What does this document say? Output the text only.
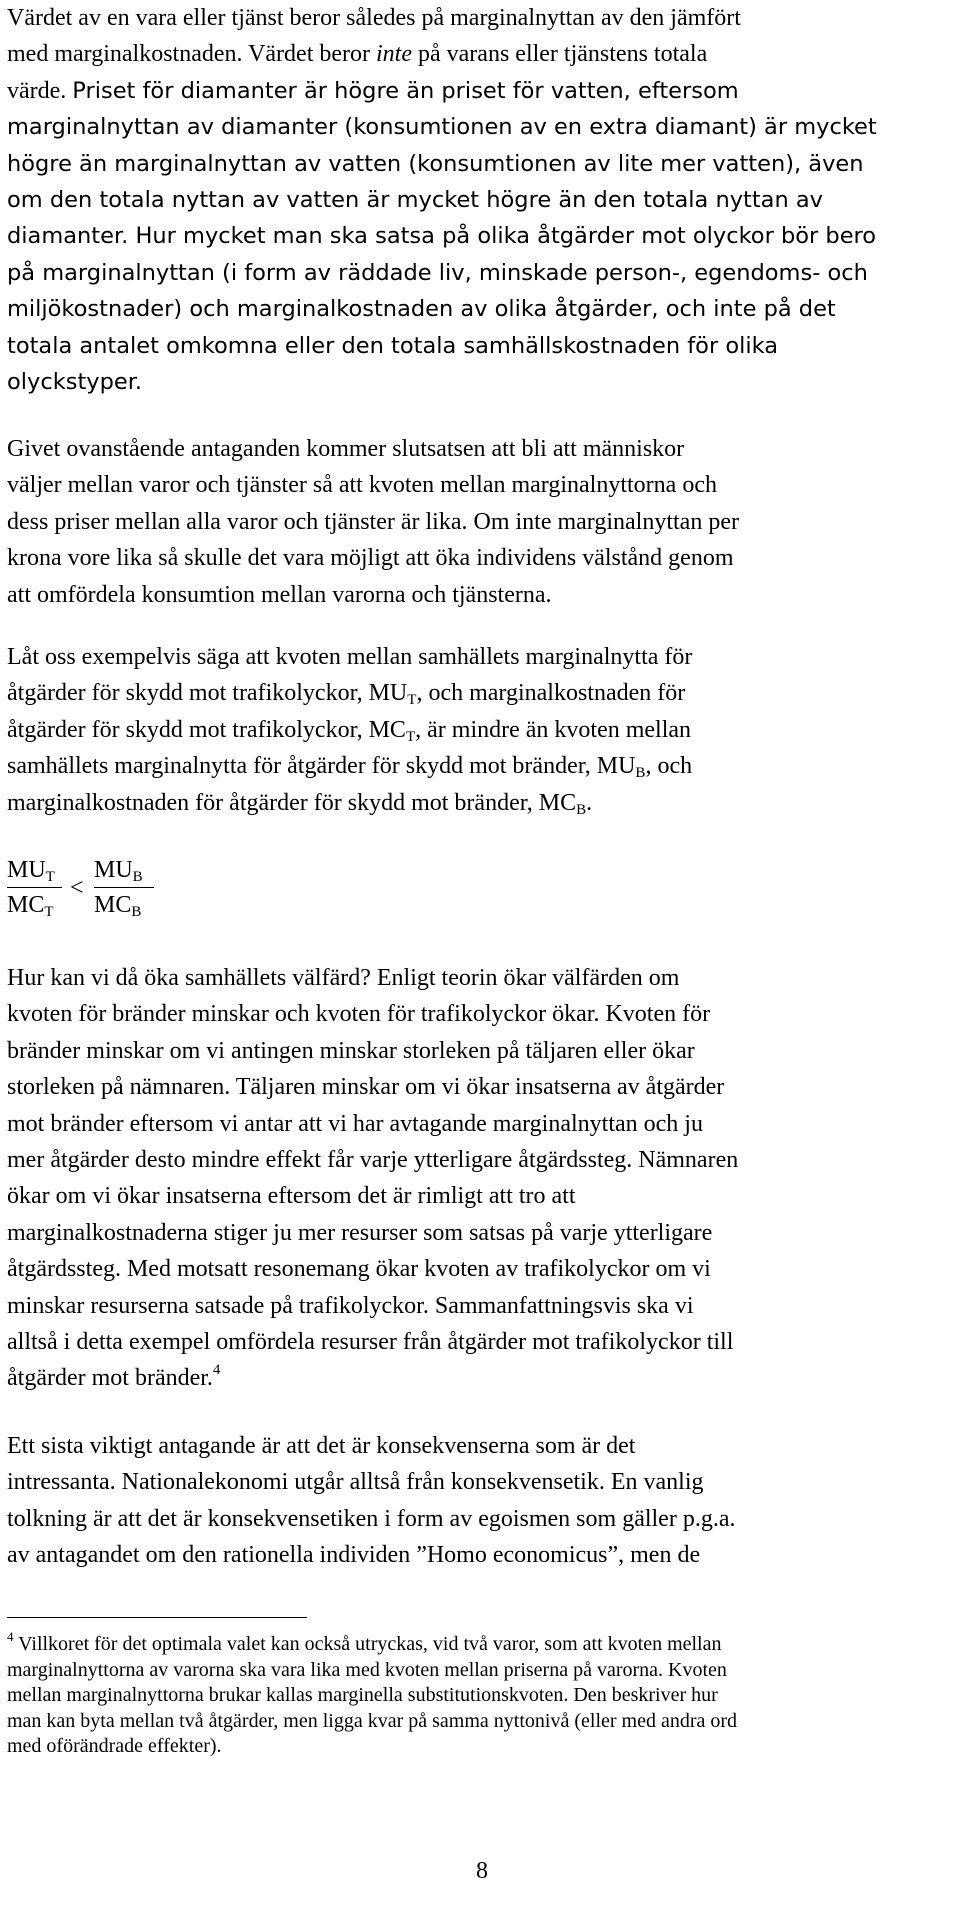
Värdet av en vara eller tjänst beror således på marginalnyttan av den jämfört
med marginalkostnaden. Värdet beror inte på varans eller tjänstens totala
värde. Priset för diamanter är högre än priset för vatten, eftersom
marginalnyttan av diamanter (konsumtionen av en extra diamant) är mycket
högre än marginalnyttan av vatten (konsumtionen av lite mer vatten), även
om den totala nyttan av vatten är mycket högre än den totala nyttan av
diamanter. Hur mycket man ska satsa på olika åtgärder mot olyckor bör bero
på marginalnyttan (i form av räddade liv, minskade person-, egendoms- och
miljökostnader) och marginalkostnaden av olika åtgärder, och inte på det
totala antalet omkomna eller den totala samhällskostnaden för olika
olyckstyper.
Givet ovanstående antaganden kommer slutsatsen att bli att människor
väljer mellan varor och tjänster så att kvoten mellan marginalnyttorna och
dess priser mellan alla varor och tjänster är lika. Om inte marginalnyttan per
krona vore lika så skulle det vara möjligt att öka individens välstånd genom
att omfördela konsumtion mellan varorna och tjänsterna.
Låt oss exempelvis säga att kvoten mellan samhällets marginalnytta för
åtgärder för skydd mot trafikolyckor, $MU_T$, och marginalkostnaden för
åtgärder för skydd mot trafikolyckor, $MC_T$, är mindre än kvoten mellan
samhällets marginalnytta för åtgärder för skydd mot bränder, $MU_B$, och
marginalkostnaden för åtgärder för skydd mot bränder, $MC_B$.
$MU_T$
$MC_T$
<
$MU_B$
$MC_B$
Hur kan vi då öka samhällets välfärd? Enligt teorin ökar välfärden om
kvoten för bränder minskar och kvoten för trafikolyckor ökar. Kvoten för
bränder minskar om vi antingen minskar storleken på täljaren eller ökar
storleken på nämnaren. Täljaren minskar om vi ökar insatserna av åtgärder
mot bränder eftersom vi antar att vi har avtagande marginalnyttan och ju
mer åtgärder desto mindre effekt får varje ytterligare åtgärdssteg. Nämnaren
ökar om vi ökar insatserna eftersom det är rimligt att tro att
marginalkostnaderna stiger ju mer resurser som satsas på varje ytterligare
åtgärdssteg. Med motsatt resonemang ökar kvoten av trafikolyckor om vi
minskar resurserna satsade på trafikolyckor. Sammanfattningsvis ska vi
alltså i detta exempel omfördela resurser från åtgärder mot trafikolyckor till
åtgärder mot bränder.$^4$
Ett sista viktigt antagande är att det är konsekvenserna som är det
intressanta. Nationalekonomi utgår alltså från konsekvensetik. En vanlig
tolkning är att det är konsekvensetiken i form av egoismen som gäller p.g.a.
av antagandet om den rationella individen ”Homo economicus”, men de
$^4$ Villkoret för det optimala valet kan också utryckas, vid två varor, som att kvoten mellan
marginalnyttorna av varorna ska vara lika med kvoten mellan priserna på varorna. Kvoten
mellan marginalnyttorna brukar kallas marginella substitutionskvoten. Den beskriver hur
man kan byta mellan två åtgärder, men ligga kvar på samma nyttonivå (eller med andra ord
med oförändrade effekter).
8
